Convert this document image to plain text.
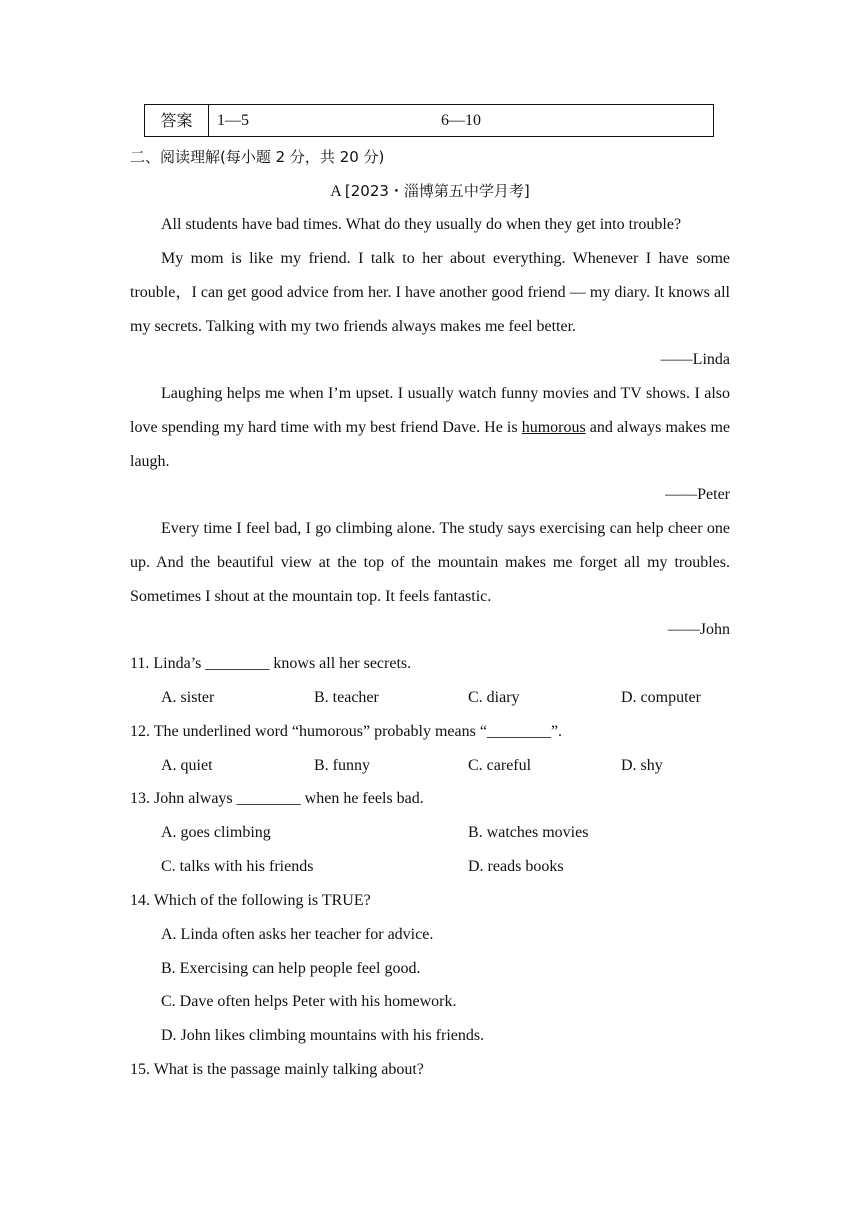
答案	1—5	6—10
二、阅读理解(每小题 2 分，共 20 分)
A [2023・淄博第五中学月考]
All students have bad times. What do they usually do when they get into trouble?
My mom is like my friend. I talk to her about everything. Whenever I have some trouble，I can get good advice from her. I have another good friend — my diary. It knows all my secrets. Talking with my two friends always makes me feel better.
——Linda
Laughing helps me when I’m upset. I usually watch funny movies and TV shows. I also love spending my hard time with my best friend Dave. He is humorous and always makes me laugh.
——Peter
Every time I feel bad, I go climbing alone. The study says exercising can help cheer one up. And the beautiful view at the top of the mountain makes me forget all my troubles. Sometimes I shout at the mountain top. It feels fantastic.
——John
11. Linda’s ________ knows all her secrets.
A. sister	B. teacher	C. diary	D. computer
12. The underlined word “humorous” probably means “________”.
A. quiet	B. funny	C. careful	D. shy
13. John always ________ when he feels bad.
A. goes climbing	B. watches movies
C. talks with his friends	D. reads books
14. Which of the following is TRUE?
A. Linda often asks her teacher for advice.
B. Exercising can help people feel good.
C. Dave often helps Peter with his homework.
D. John likes climbing mountains with his friends.
15. What is the passage mainly talking about?
